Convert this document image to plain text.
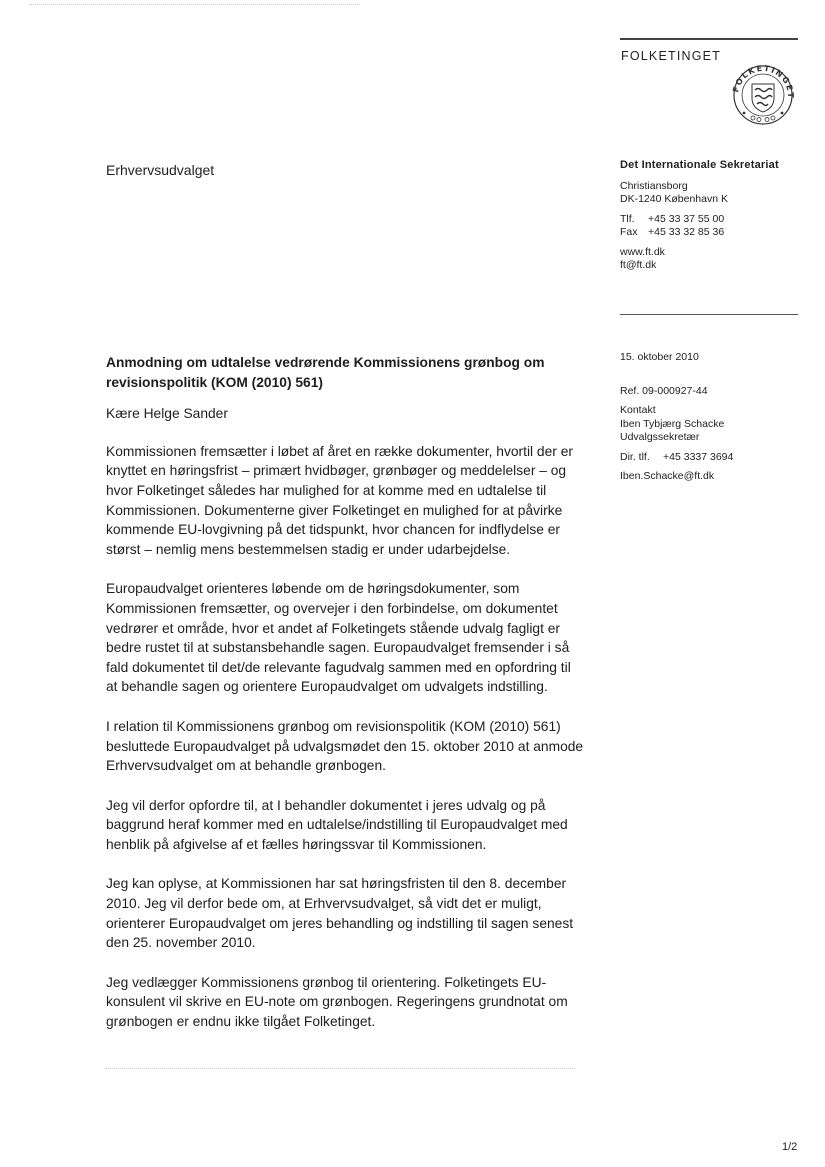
FOLKETINGET
FOLKETINGET
Erhvervsudvalget	Det Internationale Sekretariat
Christiansborg
DK-1240 København K
Tlf.	+45 33 37 55 00
Fax +45 33 32 85 36
www.ft.dk
ft@ft.dk
15. oktober 2010
Ref. 09-000927-44
Kontakt
Iben Tybjærg Schacke
Udvalgssekretær
Dir. tlf.	+45 3337 3694
Iben.Schacke@ft.dk

Anmodning om udtalelse vedrørende Kommissionens grønbog om revisionspolitik (KOM (2010) 561)

Kære Helge Sander

Kommissionen fremsætter i løbet af året en række dokumenter, hvortil der er knyttet en høringsfrist – primært hvidbøger, grønbøger og meddelelser – og hvor Folketinget således har mulighed for at komme med en udtalelse til Kommissionen. Dokumenterne giver Folketinget en mulighed for at påvirke kommende EU-lovgivning på det tidspunkt, hvor chancen for indflydelse er størst – nemlig mens bestemmelsen stadig er under udarbejdelse.

Europaudvalget orienteres løbende om de høringsdokumenter, som Kommissionen fremsætter, og overvejer i den forbindelse, om dokumentet vedrører et område, hvor et andet af Folketingets stående udvalg fagligt er bedre rustet til at substansbehandle sagen. Europaudvalget fremsender i så fald dokumentet til det/de relevante fagudvalg sammen med en opfordring til at behandle sagen og orientere Europaudvalget om udvalgets indstilling.

I relation til Kommissionens grønbog om revisionspolitik (KOM (2010) 561) besluttede Europaudvalget på udvalgsmødet den 15. oktober 2010 at anmode Erhvervsudvalget om at behandle grønbogen.

Jeg vil derfor opfordre til, at I behandler dokumentet i jeres udvalg og på baggrund heraf kommer med en udtalelse/indstilling til Europaudvalget med henblik på afgivelse af et fælles høringssvar til Kommissionen.

Jeg kan oplyse, at Kommissionen har sat høringsfristen til den 8. december 2010. Jeg vil derfor bede om, at Erhvervsudvalget, så vidt det er muligt, orienterer Europaudvalget om jeres behandling og indstilling til sagen senest den 25. november 2010.

Jeg vedlægger Kommissionens grønbog til orientering. Folketingets EU-konsulent vil skrive en EU-note om grønbogen. Regeringens grundnotat om grønbogen er endnu ikke tilgået Folketinget.

1/2
